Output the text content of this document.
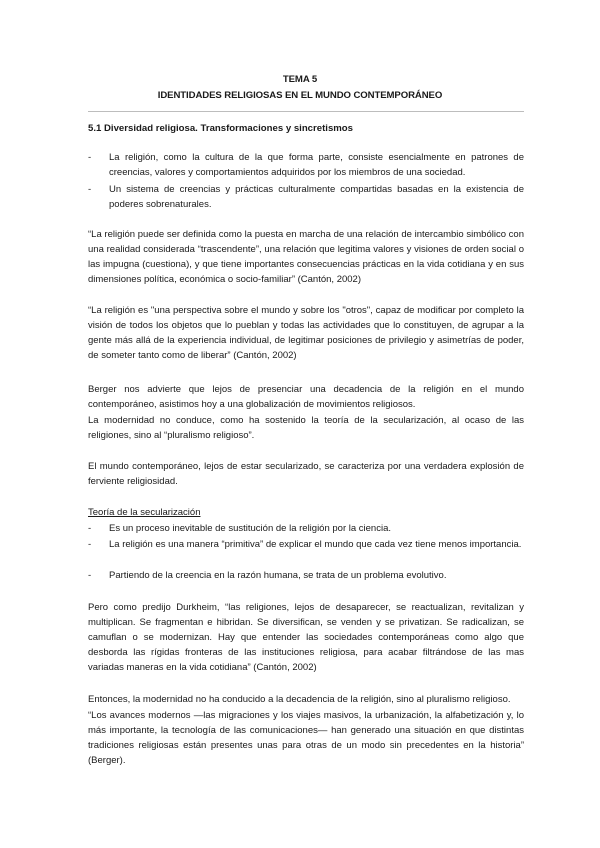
TEMA 5
IDENTIDADES RELIGIOSAS EN EL MUNDO CONTEMPORÁNEO
5.1 Diversidad religiosa. Transformaciones y sincretismos
-	La religión, como la cultura de la que forma parte, consiste esencialmente en patrones de creencias, valores y comportamientos adquiridos por los miembros de una sociedad.
-	Un sistema de creencias y prácticas culturalmente compartidas basadas en la existencia de poderes sobrenaturales.
“La religión puede ser definida como la puesta en marcha de una relación de intercambio simbólico con una realidad considerada “trascendente”, una relación que legitima valores y visiones de orden social o las impugna (cuestiona), y que tiene importantes consecuencias prácticas en la vida cotidiana y en sus dimensiones política, económica o socio-familiar” (Cantón, 2002)
“La religión es "una perspectiva sobre el mundo y sobre los "otros", capaz de modificar por completo la visión de todos los objetos que lo pueblan y todas las actividades que lo constituyen, de agrupar a la gente más allá de la experiencia individual, de legitimar posiciones de privilegio y asimetrías de poder, de someter tanto como de liberar” (Cantón, 2002)
Berger nos advierte que lejos de presenciar una decadencia de la religión en el mundo contemporáneo, asistimos hoy a una globalización de movimientos religiosos.
La modernidad no conduce, como ha sostenido la teoría de la secularización, al ocaso de las religiones, sino al “pluralismo religioso”.
El mundo contemporáneo, lejos de estar secularizado, se caracteriza por una verdadera explosión de ferviente religiosidad.
Teoría de la secularización
-	Es un proceso inevitable de sustitución de la religión por la ciencia.
-	La religión es una manera “primitiva” de explicar el mundo que cada vez tiene menos importancia.
-	Partiendo de la creencia en la razón humana, se trata de un problema evolutivo.
Pero como predijo Durkheim, “las religiones, lejos de desaparecer, se reactualizan, revitalizan y multiplican. Se fragmentan e hibridan. Se diversifican, se venden y se privatizan. Se radicalizan, se camuflan o se modernizan. Hay que entender las sociedades contemporáneas como algo que desborda las rígidas fronteras de las instituciones religiosa, para acabar filtrándose de las mas variadas maneras en la vida cotidiana” (Cantón, 2002)
Entonces, la modernidad no ha conducido a la decadencia de la religión, sino al pluralismo religioso.
“Los avances modernos —las migraciones y los viajes masivos, la urbanización, la alfabetización y, lo más importante, la tecnología de las comunicaciones— han generado una situación en que distintas tradiciones religiosas están presentes unas para otras de un modo sin precedentes en la historia” (Berger).
